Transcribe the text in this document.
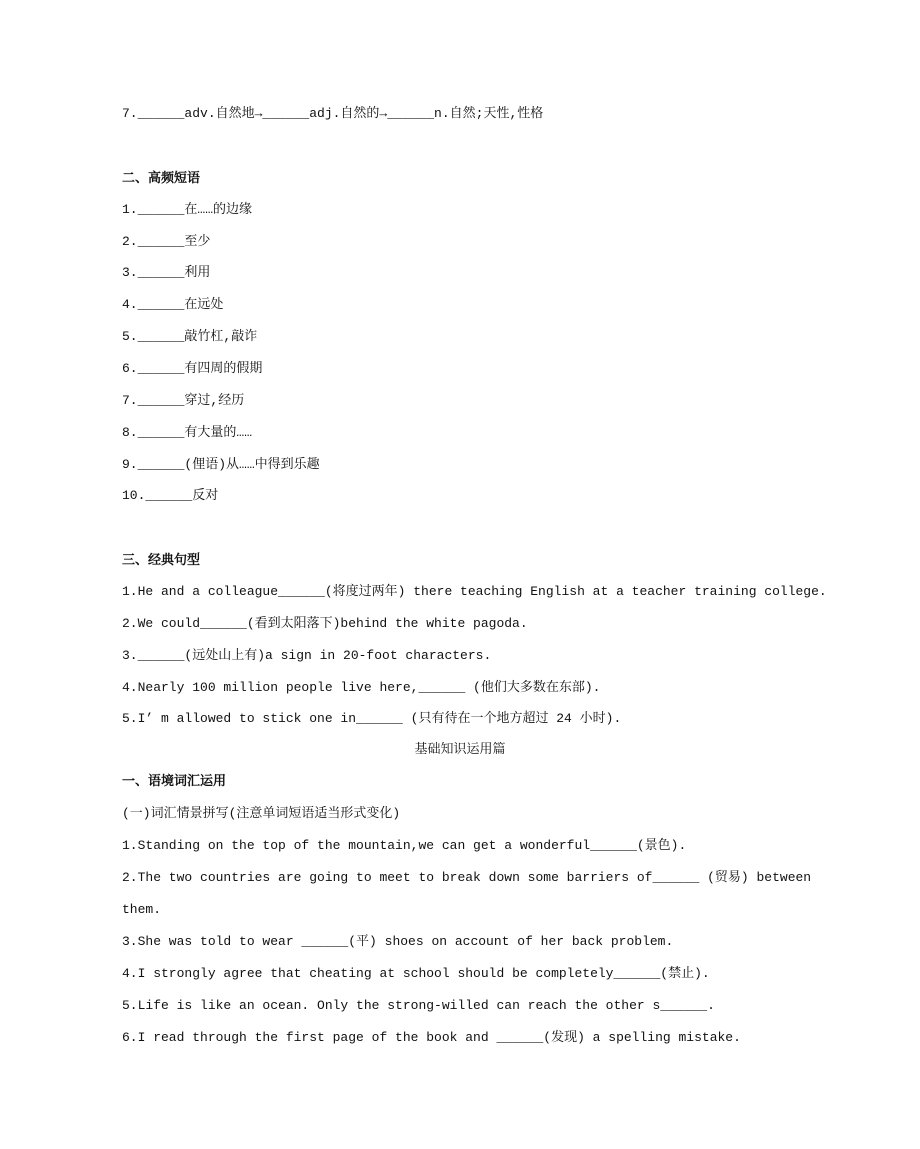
7.______adv.自然地→______adj.自然的→______n.自然;天性,性格
二、高频短语
1.______在……的边缘
2.______至少
3.______利用
4.______在远处
5.______敲竹杠,敲诈
6.______有四周的假期
7.______穿过,经历
8.______有大量的……
9.______(俚语)从……中得到乐趣
10.______反对
三、经典句型
1.He and a colleague______(将度过两年) there teaching English at a teacher training college.
2.We could______(看到太阳落下)behind the white pagoda.
3.______(远处山上有)a sign in 20-foot characters.
4.Nearly 100 million people live here,______ (他们大多数在东部).
5.I’ m allowed to stick one in______ (只有待在一个地方超过 24 小时).
基础知识运用篇
一、语境词汇运用
(一)词汇情景拼写(注意单词短语适当形式变化)
1.Standing on the top of the mountain,we can get a wonderful______(景色).
2.The two countries are going to meet to break down some barriers of______ (贸易) between
them.
3.She was told to wear ______(平) shoes on account of her back problem.
4.I strongly agree that cheating at school should be completely______(禁止).
5.Life is like an ocean. Only the strong-willed can reach the other s______.
6.I read through the first page of the book and ______(发现) a spelling mistake.
